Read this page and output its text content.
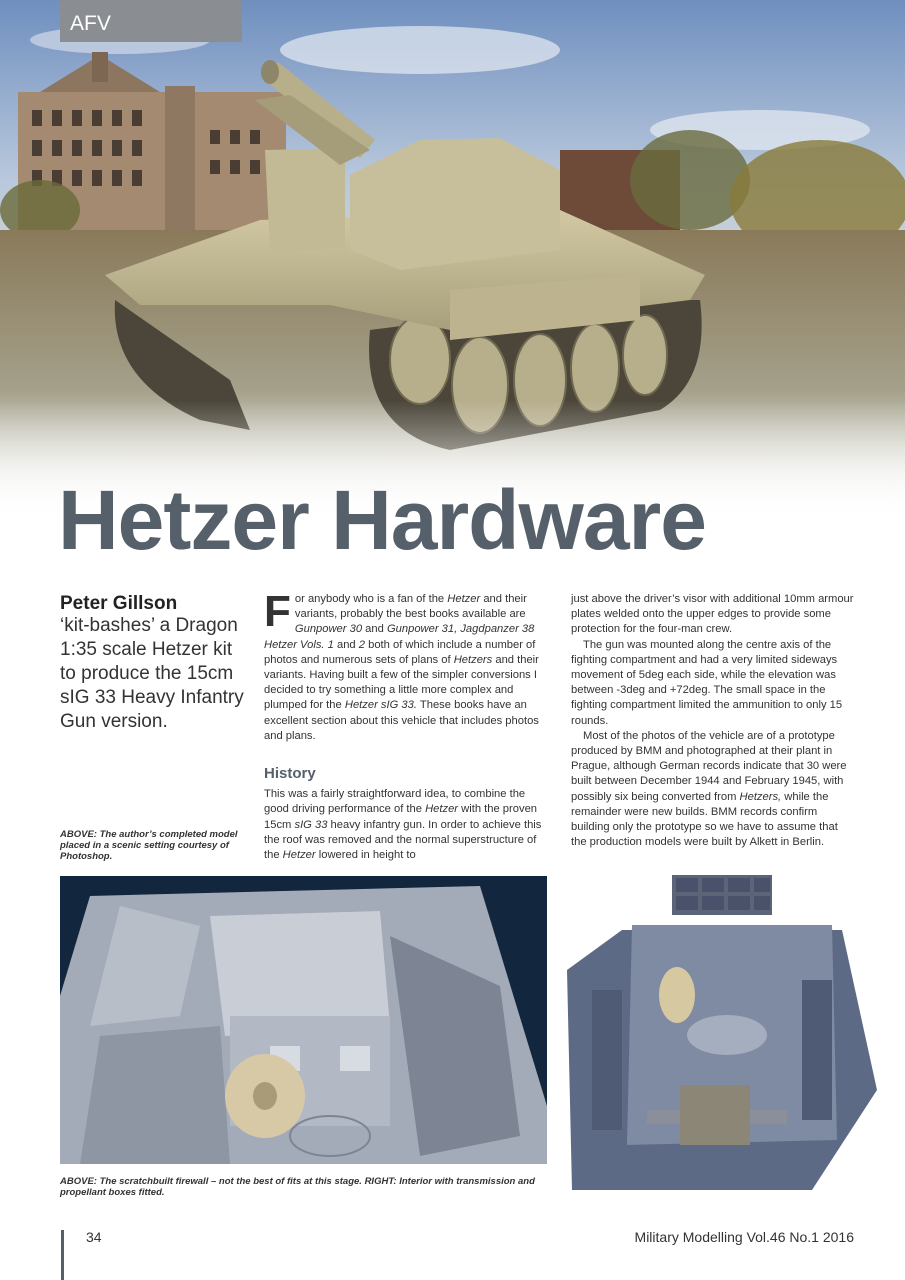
AFV
Hetzer Hardware
Peter Gillson
‘kit-bashes’ a Dragon 1:35 scale Hetzer kit to produce the 15cm sIG 33 Heavy Infantry Gun version.
ABOVE: The author’s completed model placed in a scenic setting courtesy of Photoshop.

F or anybody who is a fan of the Hetzer and their variants, probably the best books available are Gunpower 30 and Gunpower 31, Jagdpanzer 38 Hetzer Vols. 1 and 2 both of which include a number of photos and numerous sets of plans of Hetzers and their variants. Having built a few of the simpler conversions I decided to try something a little more complex and plumped for the Hetzer sIG 33. These books have an excellent section about this vehicle that includes photos and plans.

History

This was a fairly straightforward idea, to combine the good driving performance of the Hetzer with the proven 15cm sIG 33 heavy infantry gun. In order to achieve this the roof was removed and the normal superstructure of the Hetzer lowered in height to

just above the driver’s visor with additional 10mm armour plates welded onto the upper edges to provide some protection for the four-man crew.

The gun was mounted along the centre axis of the fighting compartment and had a very limited sideways movement of 5deg each side, while the elevation was between -3deg and +72deg. The small space in the fighting compartment limited the ammunition to only 15 rounds.

Most of the photos of the vehicle are of a prototype produced by BMM and photographed at their plant in Prague, although German records indicate that 30 were built between December 1944 and February 1945, with possibly six being converted from Hetzers, while the remainder were new builds. BMM records confirm building only the prototype so we have to assume that the production models were built by Alkett in Berlin.

ABOVE: The scratchbuilt firewall – not the best of fits at this stage. RIGHT: Interior with transmission and propellant boxes fitted.
34	Military Modelling Vol.46 No.1 2016
